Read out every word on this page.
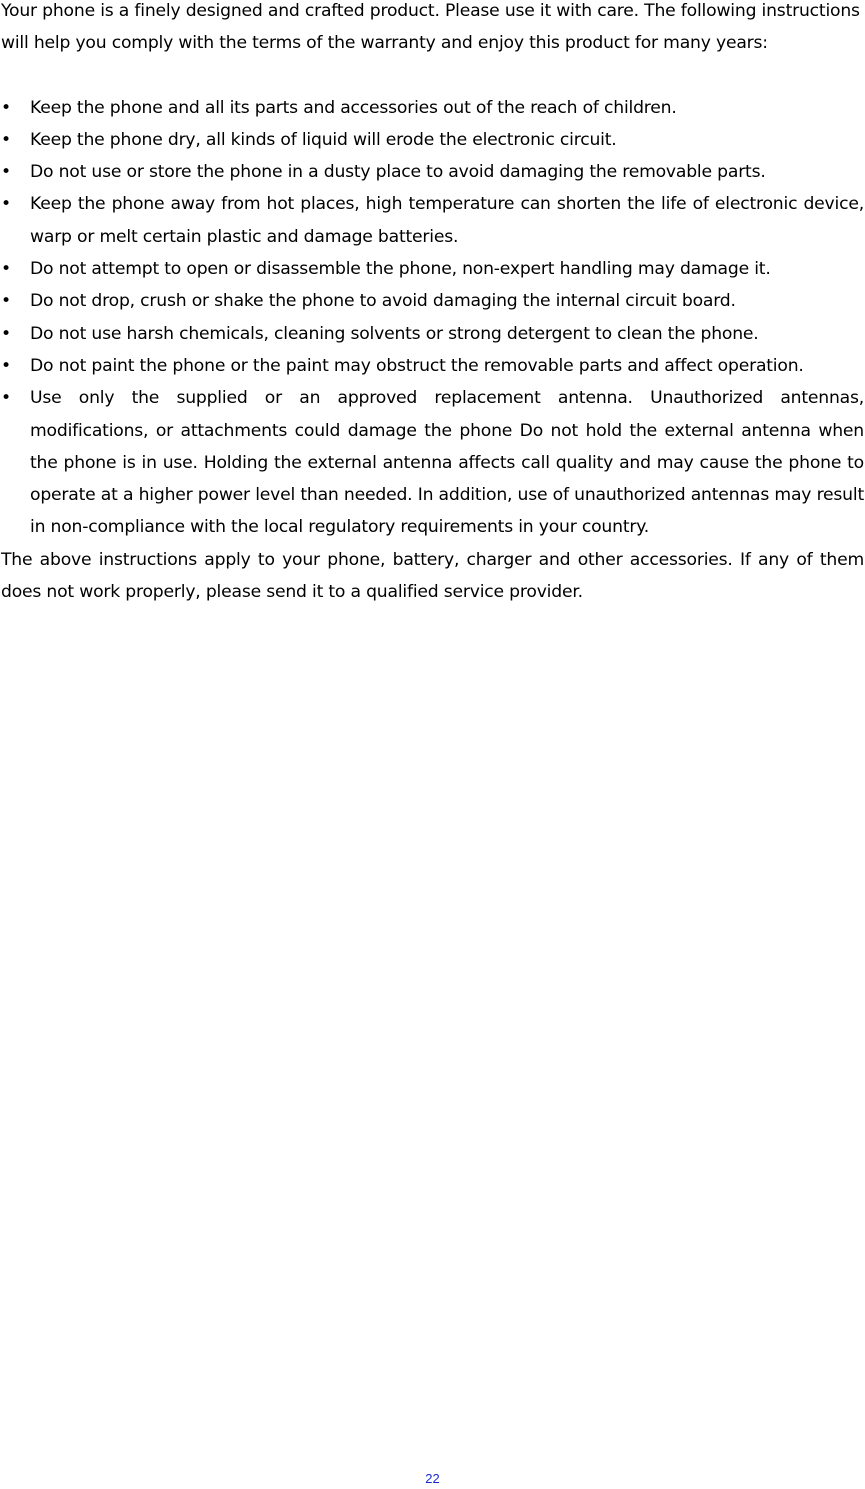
Your phone is a finely designed and crafted product. Please use it with care. The following instructions will help you comply with the terms of the warranty and enjoy this product for many years:

•	Keep the phone and all its parts and accessories out of the reach of children.
•	Keep the phone dry, all kinds of liquid will erode the electronic circuit.
•	Do not use or store the phone in a dusty place to avoid damaging the removable parts.
•	Keep the phone away from hot places, high temperature can shorten the life of electronic device, warp or melt certain plastic and damage batteries.
•	Do not attempt to open or disassemble the phone, non-expert handling may damage it.
•	Do not drop, crush or shake the phone to avoid damaging the internal circuit board.
•	Do not use harsh chemicals, cleaning solvents or strong detergent to clean the phone.
•	Do not paint the phone or the paint may obstruct the removable parts and affect operation.
•	Use only the supplied or an approved replacement antenna. Unauthorized antennas, modifications, or attachments could damage the phone Do not hold the external antenna when the phone is in use. Holding the external antenna affects call quality and may cause the phone to operate at a higher power level than needed. In addition, use of unauthorized antennas may result in non-compliance with the local regulatory requirements in your country.

The above instructions apply to your phone, battery, charger and other accessories. If any of them does not work properly, please send it to a qualified service provider.

22
